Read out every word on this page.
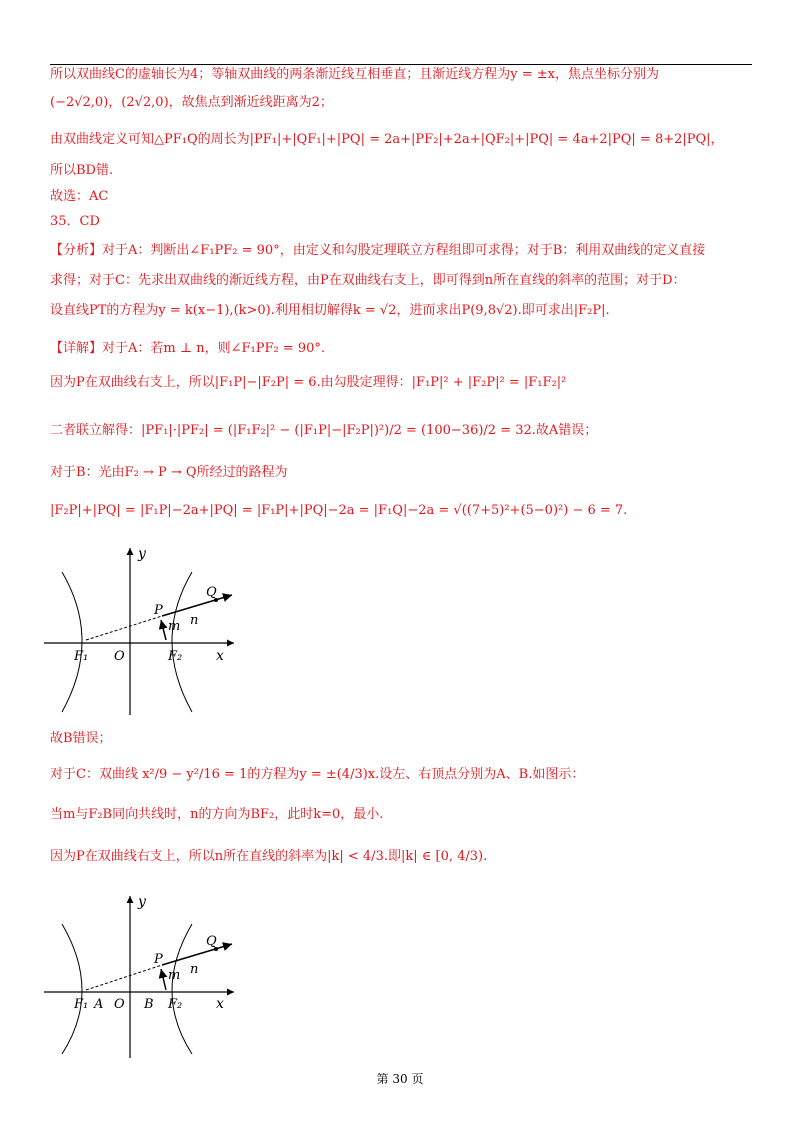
所以双曲线C的虚轴长为4；等轴双曲线的两条渐近线互相垂直；且渐近线方程为y = ±x，焦点坐标分别为
(−2√2,0)，(2√2,0)，故焦点到渐近线距离为2；
由双曲线定义可知△PF₁Q的周长为|PF₁|+|QF₁|+|PQ| = 2a+|PF₂|+2a+|QF₂|+|PQ| = 4a+2|PQ| = 8+2|PQ|，
所以BD错.
故选：AC
35．CD
【分析】对于A：判断出∠F₁PF₂ = 90°，由定义和勾股定理联立方程组即可求得；对于B：利用双曲线的定义直接
求得；对于C：先求出双曲线的渐近线方程，由P在双曲线右支上，即可得到n所在直线的斜率的范围；对于D：
设直线PT的方程为y = k(x−1),(k>0).利用相切解得k = √2，进而求出P(9,8√2).即可求出|F₂P|.
【详解】对于A：若m ⊥ n，则∠F₁PF₂ = 90°.
因为P在双曲线右支上，所以|F₁P|−|F₂P| = 6.由勾股定理得：|F₁P|² + |F₂P|² = |F₁F₂|²
二者联立解得：|PF₁|·|PF₂| = (|F₁F₂|² − (|F₁P|−|F₂P|)²)/2 = (100−36)/2 = 32.故A错误；
对于B：光由F₂ → P → Q所经过的路程为
|F₂P|+|PQ| = |F₁P|−2a+|PQ| = |F₁P|+|PQ|−2a = |F₁Q|−2a = √((7+5)²+(5−0)²) − 6 = 7.
y
x
O
F₁	F₂
P
Q
m n
故B错误；
对于C：双曲线 x²/9 − y²/16 = 1的方程为y = ±(4/3)x.设左、右顶点分别为A、B.如图示：
当m与F₂B同向共线时，n的方向为BF₂，此时k=0，最小.
因为P在双曲线右支上，所以n所在直线的斜率为|k| < 4/3.即|k| ∈ [0, 4/3).
y
x
O
F₁ A	B F₂
P
Q
m n
第 30 页
